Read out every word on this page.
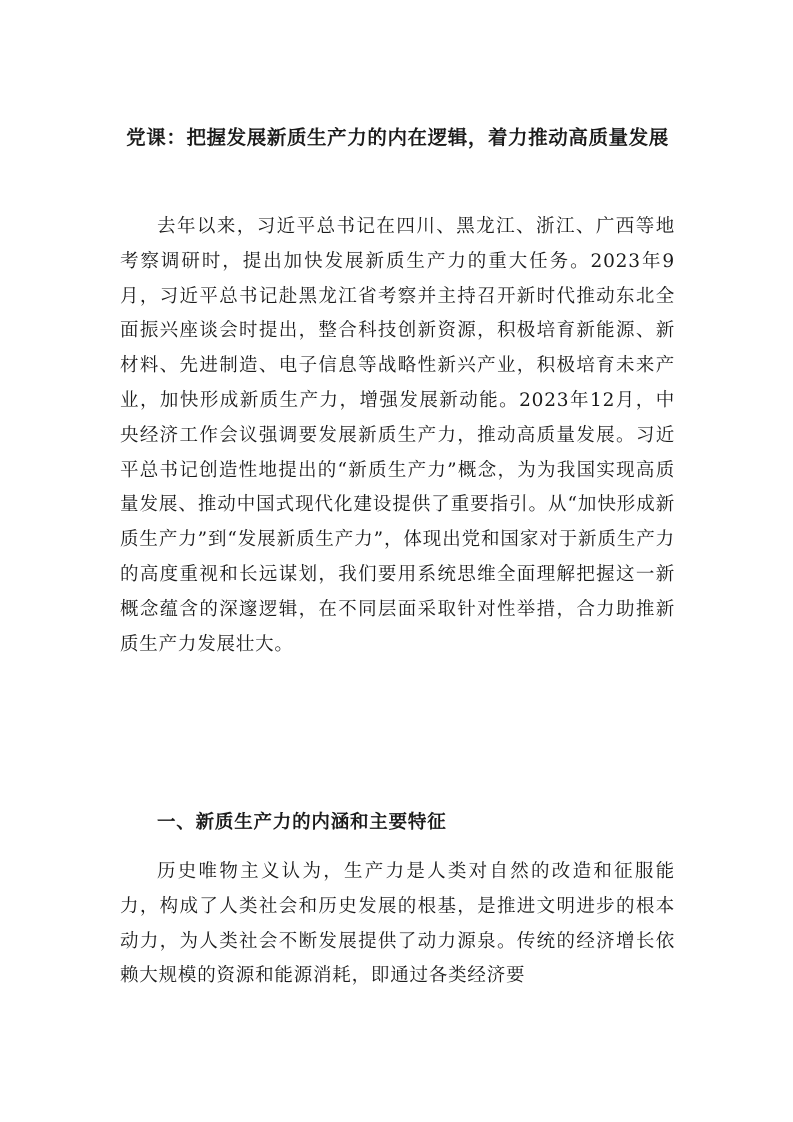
党课：把握发展新质生产力的内在逻辑，着力推动高质量发展

去年以来，习近平总书记在四川、黑龙江、浙江、广西等地考察调研时，提出加快发展新质生产力的重大任务。2023年9月，习近平总书记赴黑龙江省考察并主持召开新时代推动东北全面振兴座谈会时提出，整合科技创新资源，积极培育新能源、新材料、先进制造、电子信息等战略性新兴产业，积极培育未来产业，加快形成新质生产力，增强发展新动能。2023年12月，中央经济工作会议强调要发展新质生产力，推动高质量发展。习近平总书记创造性地提出的“新质生产力”概念，为为我国实现高质量发展、推动中国式现代化建设提供了重要指引。从“加快形成新质生产力”到“发展新质生产力”，体现出党和国家对于新质生产力的高度重视和长远谋划，我们要用系统思维全面理解把握这一新概念蕴含的深邃逻辑，在不同层面采取针对性举措，合力助推新质生产力发展壮大。

一、新质生产力的内涵和主要特征

历史唯物主义认为，生产力是人类对自然的改造和征服能力，构成了人类社会和历史发展的根基，是推进文明进步的根本动力，为人类社会不断发展提供了动力源泉。传统的经济增长依赖大规模的资源和能源消耗，即通过各类经济要
